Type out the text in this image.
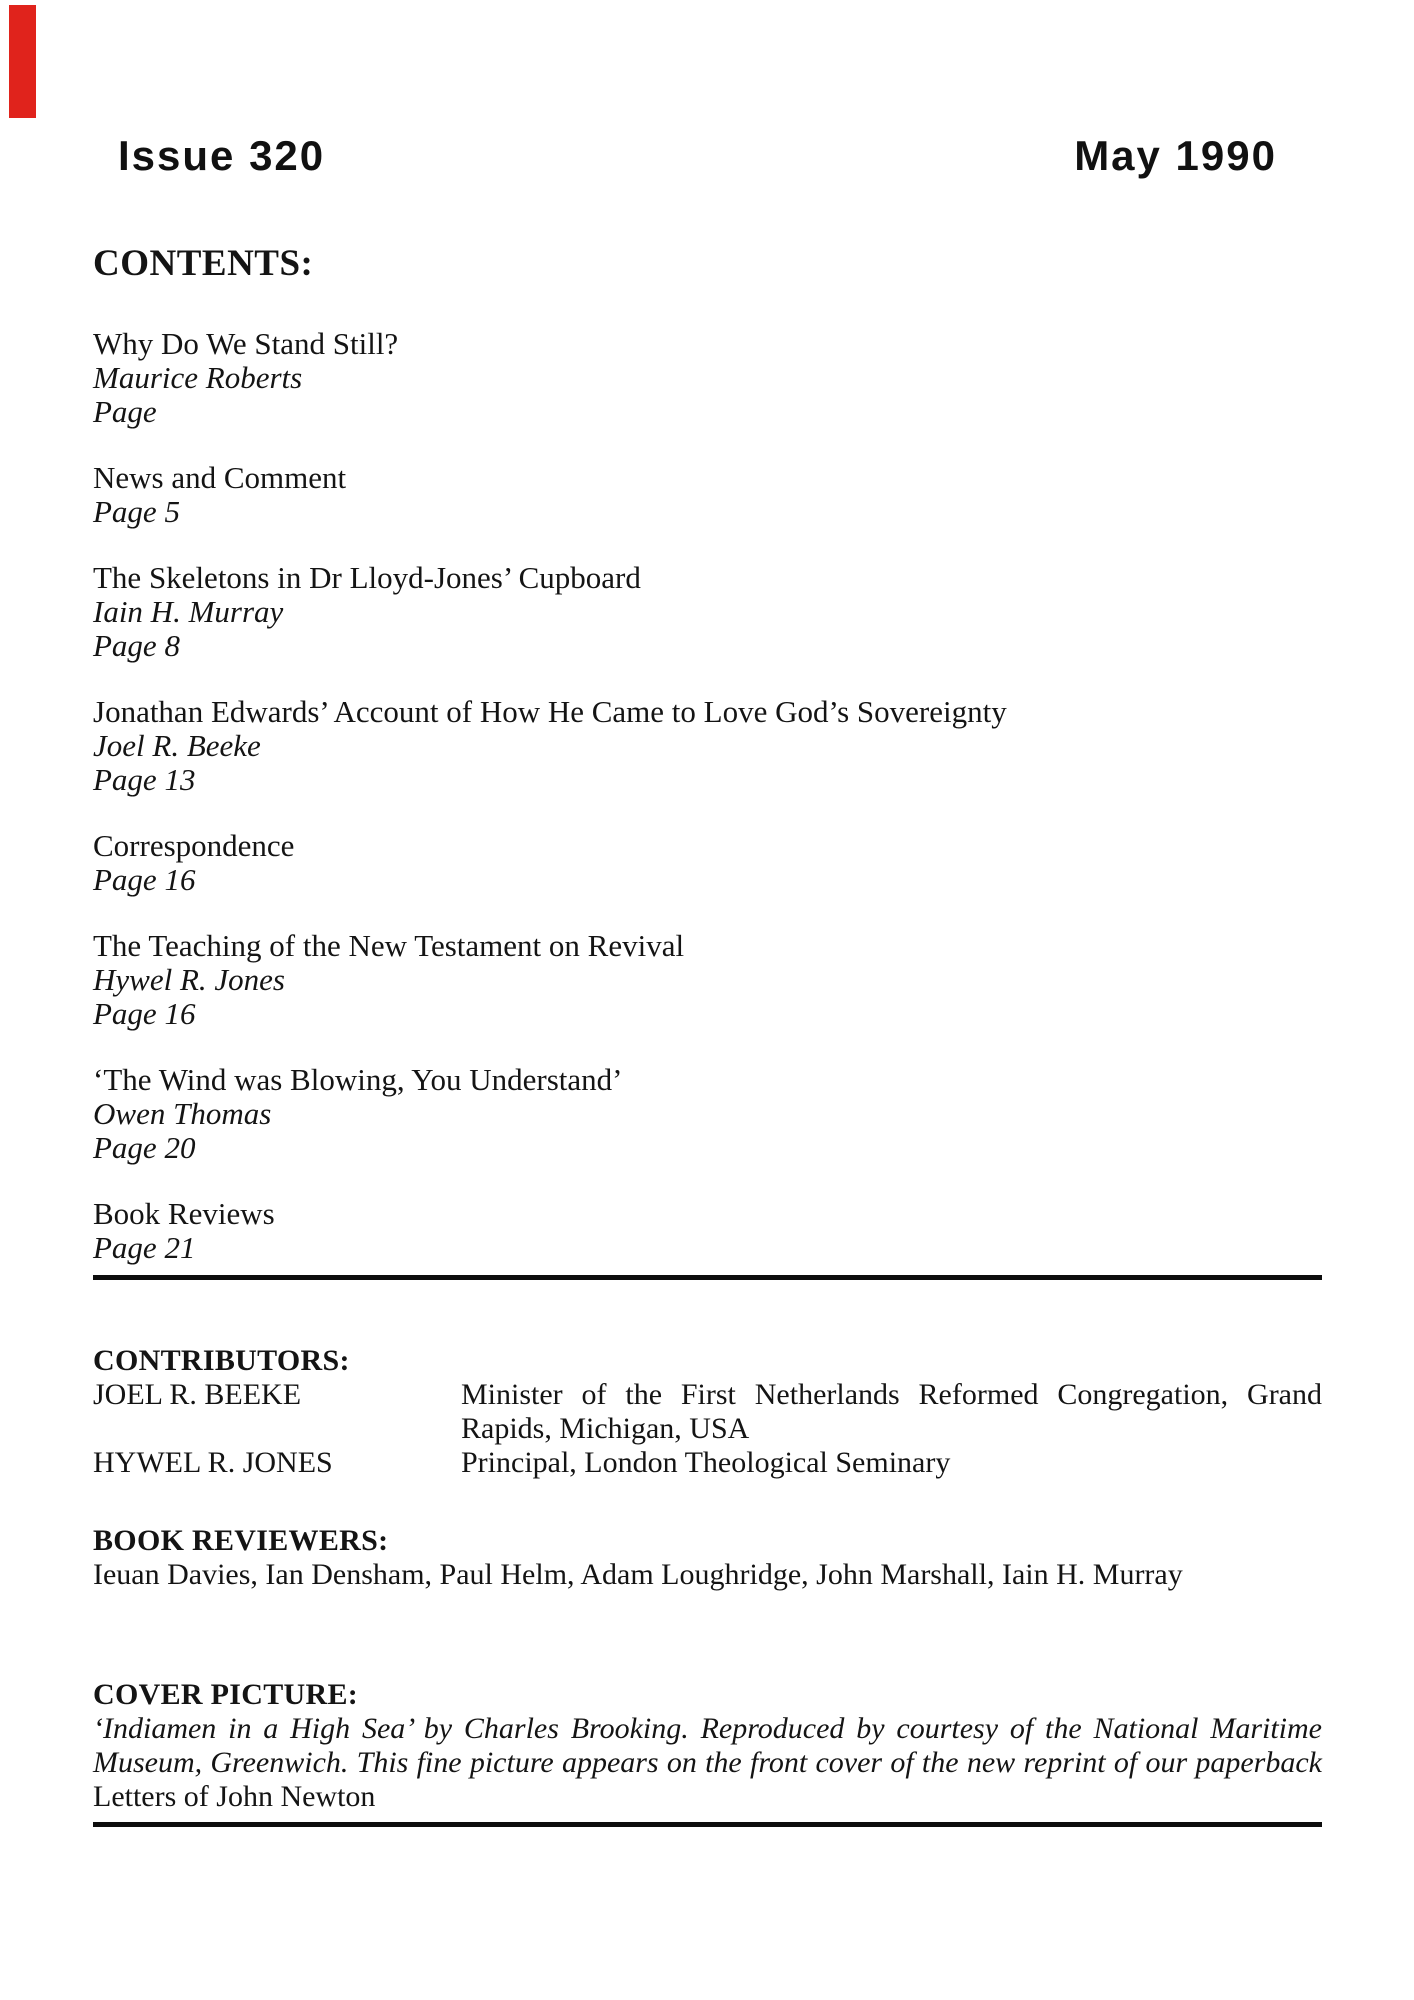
Issue 320	May 1990
CONTENTS:
Why Do We Stand Still?
Maurice Roberts
Page
News and Comment
Page 5
The Skeletons in Dr Lloyd-Jones’ Cupboard
Iain H. Murray
Page 8
Jonathan Edwards’ Account of How He Came to Love God’s Sovereignty
Joel R. Beeke
Page 13
Correspondence
Page 16
The Teaching of the New Testament on Revival
Hywel R. Jones
Page 16
‘The Wind was Blowing, You Understand’
Owen Thomas
Page 20
Book Reviews
Page 21
CONTRIBUTORS:
JOEL R. BEEKE	Minister of the First Netherlands Reformed Congregation, Grand Rapids, Michigan, USA
HYWEL R. JONES	Principal, London Theological Seminary
BOOK REVIEWERS:
Ieuan Davies, Ian Densham, Paul Helm, Adam Loughridge, John Marshall, Iain H. Murray
COVER PICTURE:
‘Indiamen in a High Sea’ by Charles Brooking. Reproduced by courtesy of the National Maritime Museum, Greenwich. This fine picture appears on the front cover of the new reprint of our paperback Letters of John Newton
